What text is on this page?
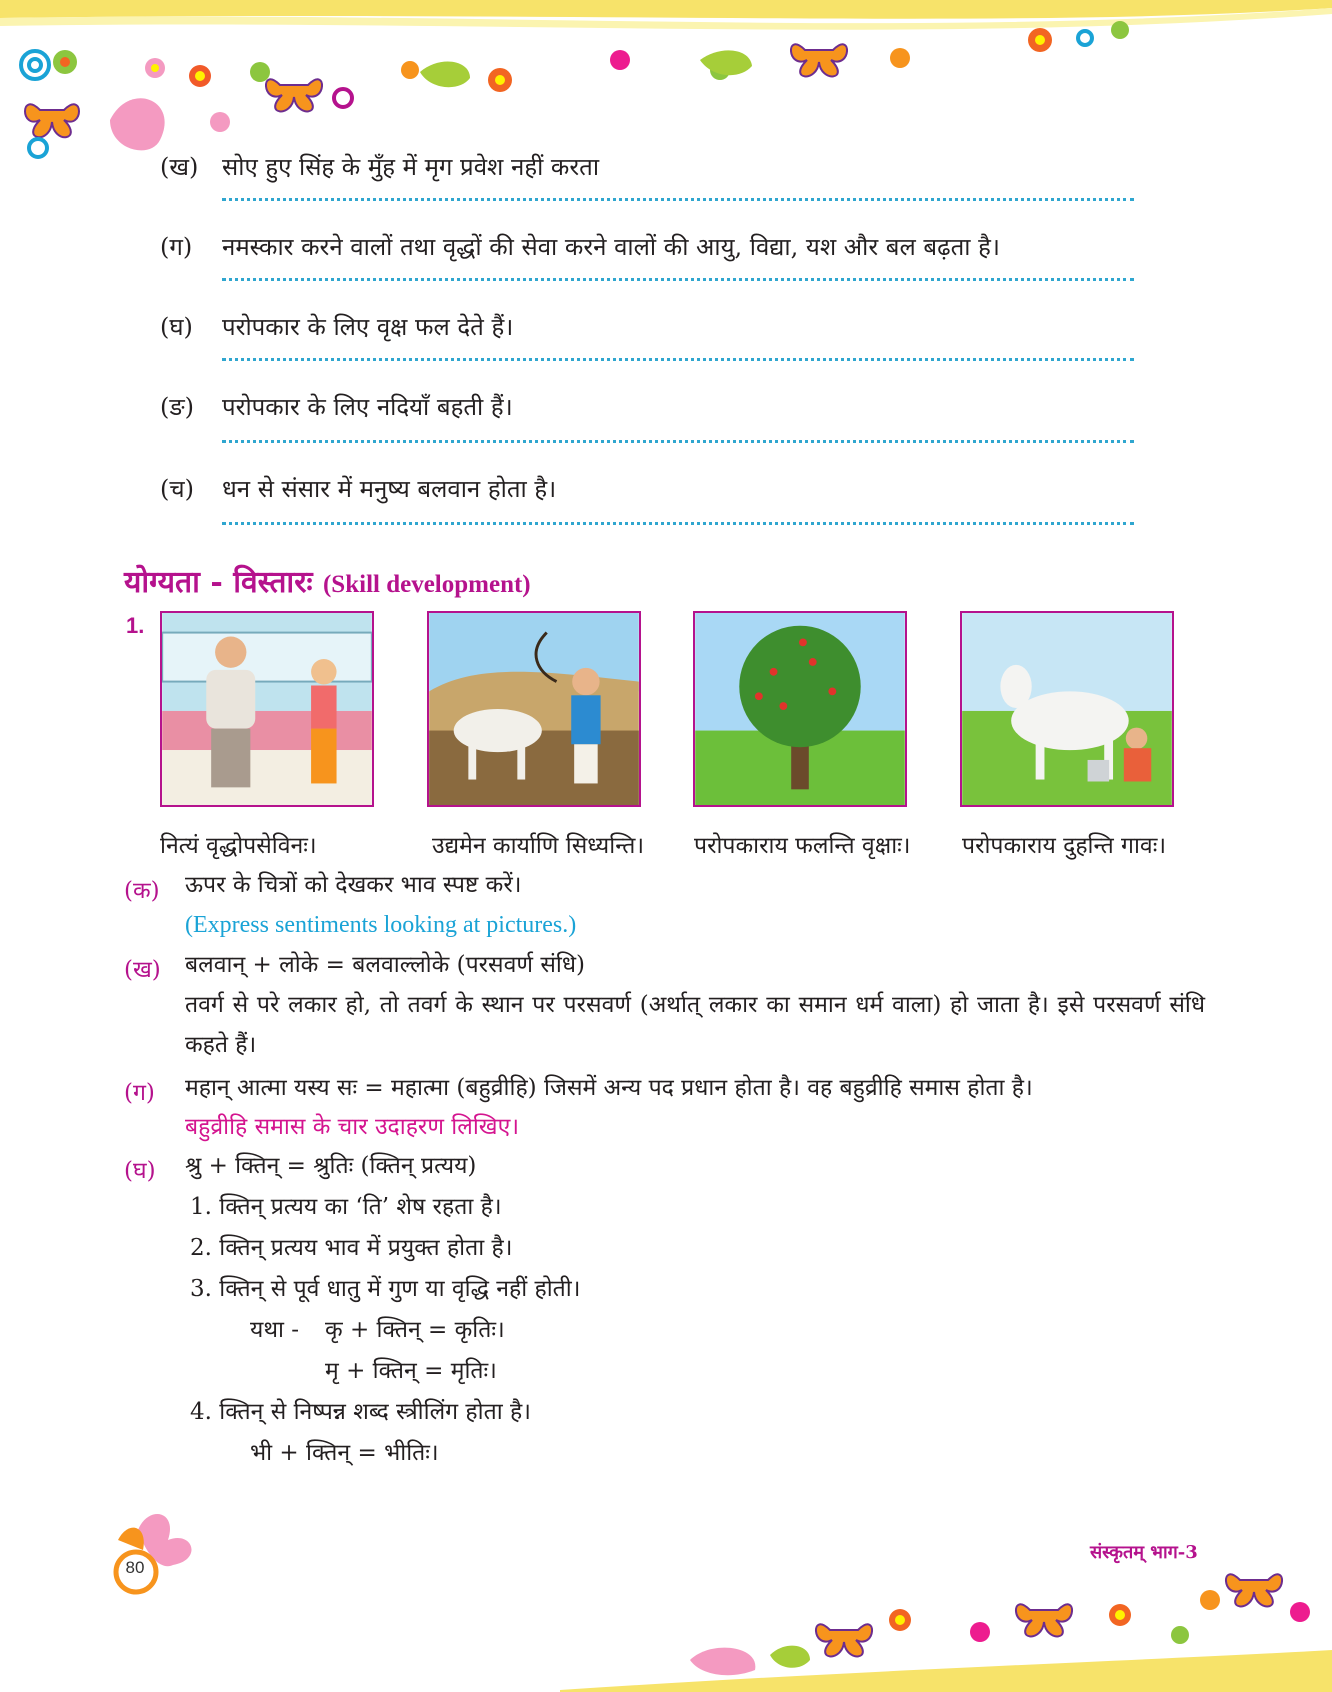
(ख) सोए हुए सिंह के मुँह में मृग प्रवेश नहीं करता
(ग) नमस्कार करने वालों तथा वृद्धों की सेवा करने वालों की आयु, विद्या, यश और बल बढ़ता है।
(घ) परोपकार के लिए वृक्ष फल देते हैं।
(ङ) परोपकार के लिए नदियाँ बहती हैं।
(च) धन से संसार में मनुष्य बलवान होता है।
योग्यता - विस्तारः (Skill development)
1.
नित्यं वृद्धोपसेविनः।	उद्यमेन कार्याणि सिध्यन्ति। परोपकाराय फलन्ति वृक्षाः। परोपकाराय दुहन्ति गावः।
(क) ऊपर के चित्रों को देखकर भाव स्पष्ट करें।
(Express sentiments looking at pictures.)
(ख) बलवान् + लोके = बलवाल्लोके (परसवर्ण संधि)
तवर्ग से परे लकार हो, तो तवर्ग के स्थान पर परसवर्ण (अर्थात् लकार का समान धर्म वाला) हो जाता है। इसे परसवर्ण संधि कहते हैं।
(ग) महान् आत्मा यस्य सः = महात्मा (बहुव्रीहि) जिसमें अन्य पद प्रधान होता है। वह बहुव्रीहि समास होता है।
बहुव्रीहि समास के चार उदाहरण लिखिए।
(घ) श्रु + क्तिन् = श्रुतिः (क्तिन् प्रत्यय)
1. क्तिन् प्रत्यय का ‘ति’ शेष रहता है।
2. क्तिन् प्रत्यय भाव में प्रयुक्त होता है।
3. क्तिन् से पूर्व धातु में गुण या वृद्धि नहीं होती।
यथा - कृ + क्तिन् = कृतिः।
मृ + क्तिन् = मृतिः।
4. क्तिन् से निष्पन्न शब्द स्त्रीलिंग होता है।
भी + क्तिन् = भीतिः।
80
संस्कृतम् भाग-3
